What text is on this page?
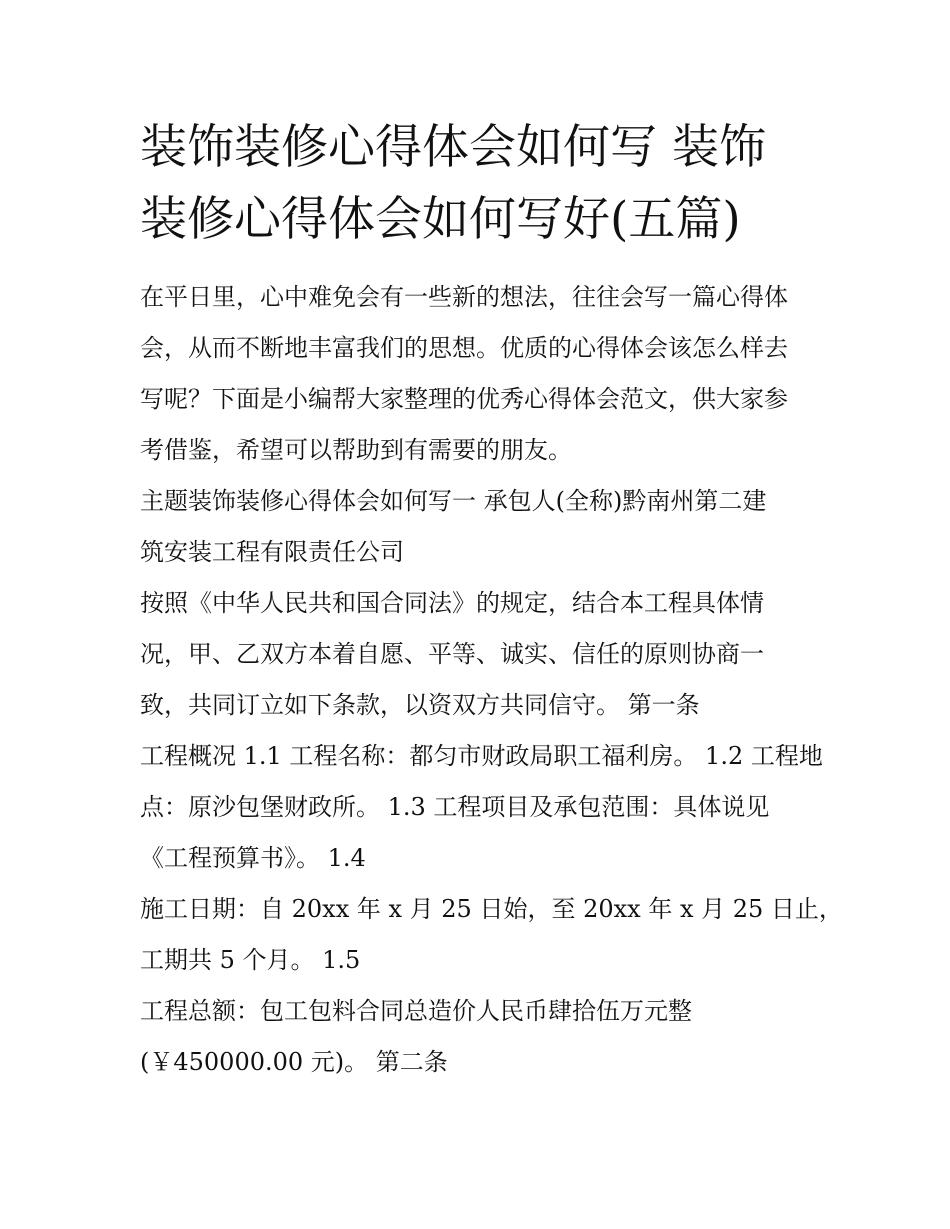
装饰装修心得体会如何写 装饰
装修心得体会如何写好(五篇)

在平日里，心中难免会有一些新的想法，往往会写一篇心得体
会，从而不断地丰富我们的思想。优质的心得体会该怎么样去
写呢？下面是小编帮大家整理的优秀心得体会范文，供大家参
考借鉴，希望可以帮助到有需要的朋友。

主题装饰装修心得体会如何写一 承包人(全称)黔南州第二建
筑安装工程有限责任公司

按照《中华人民共和国合同法》的规定，结合本工程具体情
况，甲、乙双方本着自愿、平等、诚实、信任的原则协商一
致，共同订立如下条款，以资双方共同信守。 第一条

工程概况 1.1 工程名称：都匀市财政局职工福利房。 1.2 工程地
点：原沙包堡财政所。 1.3 工程项目及承包范围：具体说见
《工程预算书》。 1.4

施工日期：自 20xx 年 x 月 25 日始，至 20xx 年 x 月 25 日止，
工期共 5 个月。 1.5

工程总额：包工包料合同总造价人民币肆拾伍万元整
(￥450000.00 元)。 第二条
